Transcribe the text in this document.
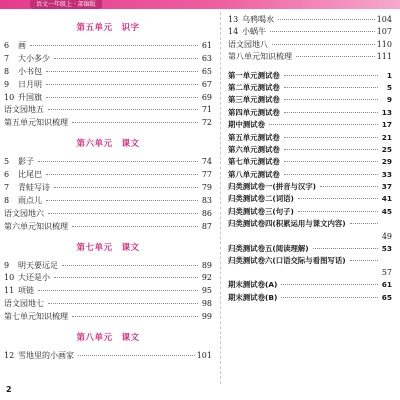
语文一年级上 · 部编版
第五单元　识字
6	画	61
7	大小多少	63
8	小书包	65
9	日月明	67
10 升国旗	69
语文园地五	71
第五单元知识梳理	72
第六单元　课文
5	影子	74
6	比尾巴	77
7	青蛙写诗	79
8	雨点儿	83
语文园地六	86
第六单元知识梳理	87
第七单元　课文
9	明天要远足	89
10 大还是小	92
11 项链	95
语文园地七	98
第七单元知识梳理	99
第八单元　课文
12 雪地里的小画家	101
13 乌鸦喝水	104
14 小蜗牛	107
语文园地八	110
第八单元知识梳理	111
第一单元测试卷	1
第二单元测试卷	5
第三单元测试卷	9
第四单元测试卷	13
期中测试卷	17
第五单元测试卷	21
第六单元测试卷	25
第七单元测试卷	29
第八单元测试卷	33
归类测试卷一(拼音与汉字)	37
归类测试卷二(词语)	41
归类测试卷三(句子)	45
归类测试卷四(积累运用与课文内容)
49
归类测试卷五(阅读理解)	53
归类测试卷六(口语交际与看图写话)
57
期末测试卷(A)	61
期末测试卷(B)	65
2
